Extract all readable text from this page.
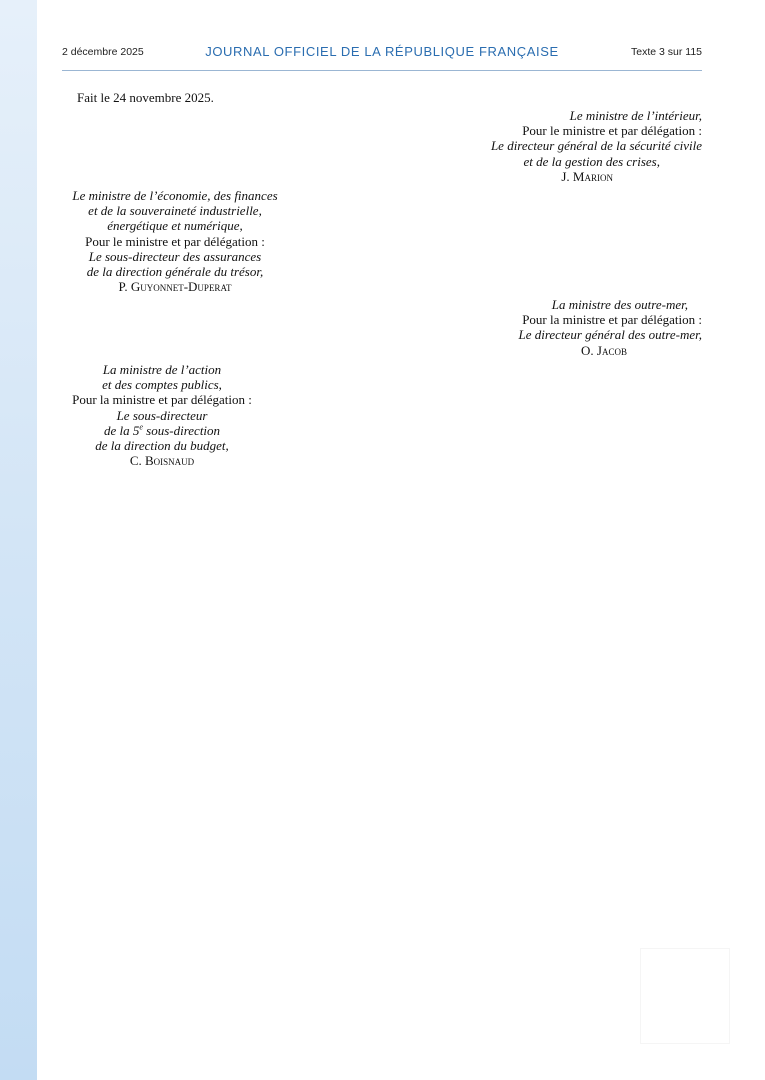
2 décembre 2025	JOURNAL OFFICIEL DE LA RÉPUBLIQUE FRANÇAISE	Texte 3 sur 115
Fait le 24 novembre 2025.
Le ministre de l’intérieur,
Pour le ministre et par délégation :
Le directeur général de la sécurité civile
et de la gestion des crises,
J. Marion
Le ministre de l’économie, des finances
et de la souveraineté industrielle,
énergétique et numérique,
Pour le ministre et par délégation :
Le sous-directeur des assurances
de la direction générale du trésor,
P. Guyonnet-Duperat
La ministre des outre-mer,
Pour la ministre et par délégation :
Le directeur général des outre-mer,
O. Jacob
La ministre de l’action
et des comptes publics,
Pour la ministre et par délégation :
Le sous-directeur
de la 5e sous-direction
de la direction du budget,
C. Boisnaud
